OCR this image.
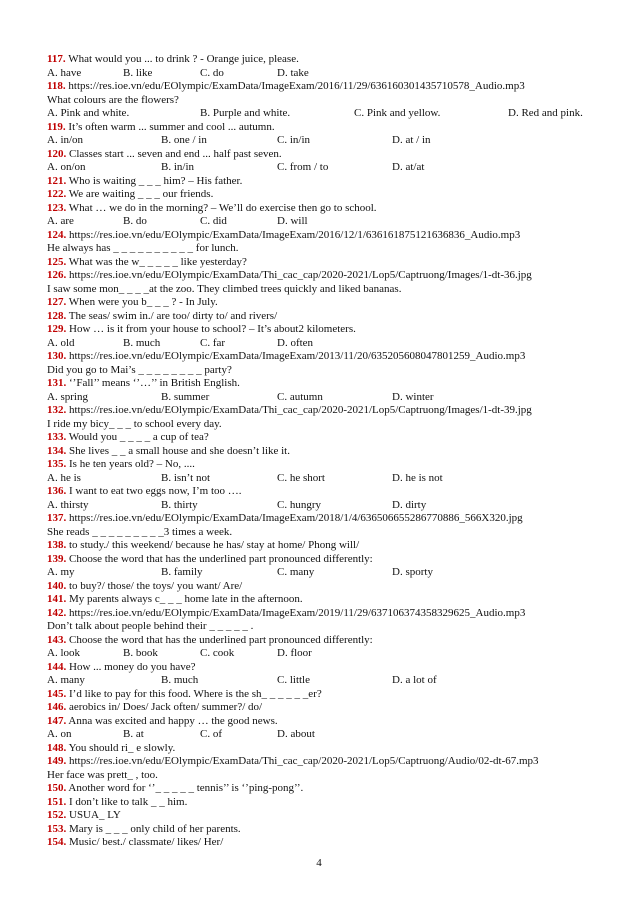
117. What would you ... to drink ? - Orange juice, please.
A. have	B. like	C. do	D. take
118. https://res.ioe.vn/edu/EOlympic/ExamData/ImageExam/2016/11/29/636160301435710578_Audio.mp3
What colours are the flowers?
A. Pink and white.	B. Purple and white.	C. Pink and yellow.	D. Red and pink.
119. It’s often warm ... summer and cool ... autumn.
A. in/on	B. one / in	C. in/in	D. at / in
120. Classes start ... seven and end ... half past seven.
A. on/on	B. in/in	C. from / to	D. at/at
121. Who is waiting _ _ _ him? – His father.
122. We are waiting _ _ _ our friends.
123. What … we do in the morning? – We’ll do exercise then go to school.
A. are	B. do	C. did	D. will
124. https://res.ioe.vn/edu/EOlympic/ExamData/ImageExam/2016/12/1/636161875121636836_Audio.mp3
He always has _ _ _ _ _ _ _ _ _ _ for lunch.
125. What was the w_ _ _ _ _ like yesterday?
126. https://res.ioe.vn/edu/EOlympic/ExamData/Thi_cac_cap/2020-2021/Lop5/Captruong/Images/1-dt-36.jpg
I saw some mon_ _ _ _at the zoo. They climbed trees quickly and liked bananas.
127. When were you b_ _ _ ? - In July.
128. The seas/ swim in./ are too/ dirty to/ and rivers/
129. How … is it from your house to school? – It’s about2 kilometers.
A. old	B. much	C. far	D. often
130. https://res.ioe.vn/edu/EOlympic/ExamData/ImageExam/2013/11/20/635205608047801259_Audio.mp3
Did you go to Mai’s _ _ _ _ _ _ _ _ party?
131. ‘’Fall’’ means ‘’…’’ in British English.
A. spring	B. summer	C. autumn	D. winter
132. https://res.ioe.vn/edu/EOlympic/ExamData/Thi_cac_cap/2020-2021/Lop5/Captruong/Images/1-dt-39.jpg
I ride my bicy_ _ _ to school every day.
133. Would you _ _ _ _ a cup of tea?
134. She lives _ _ a small house and she doesn’t like it.
135. Is he ten years old? – No, ....
A. he is	B. isn’t not	C. he short	D. he is not
136. I want to eat two eggs now, I’m too ….
A. thirsty	B. thirty	C. hungry	D. dirty
137. https://res.ioe.vn/edu/EOlympic/ExamData/ImageExam/2018/1/4/636506655286770886_566X320.jpg
She reads _ _ _ _ _ _ _ _ _3 times a week.
138. to study./ this weekend/ because he has/ stay at home/ Phong will/
139. Choose the word that has the underlined part pronounced differently:
A. my	B. family	C. many	D. sporty
140. to buy?/ those/ the toys/ you want/ Are/
141. My parents always c_ _ _ home late in the afternoon.
142. https://res.ioe.vn/edu/EOlympic/ExamData/ImageExam/2019/11/29/637106374358329625_Audio.mp3
Don’t talk about people behind their _ _ _ _ _ .
143. Choose the word that has the underlined part pronounced differently:
A. look	B. book	C. cook	D. floor
144. How ... money do you have?
A. many	B. much	C. little	D. a lot of
145. I’d like to pay for this food. Where is the sh_ _ _ _ _ _er?
146. aerobics in/ Does/ Jack often/ summer?/ do/
147. Anna was excited and happy … the good news.
A. on	B. at	C. of	D. about
148. You should ri_ e slowly.
149. https://res.ioe.vn/edu/EOlympic/ExamData/Thi_cac_cap/2020-2021/Lop5/Captruong/Audio/02-dt-67.mp3
Her face was prett_ , too.
150. Another word for ‘’_ _ _ _ _ tennis’’ is ‘’ping-pong’’.
151. I don’t like to talk _ _ him.
152. USUA_ LY
153. Mary is _ _ _ only child of her parents.
154. Music/ best./ classmate/ likes/ Her/
4
